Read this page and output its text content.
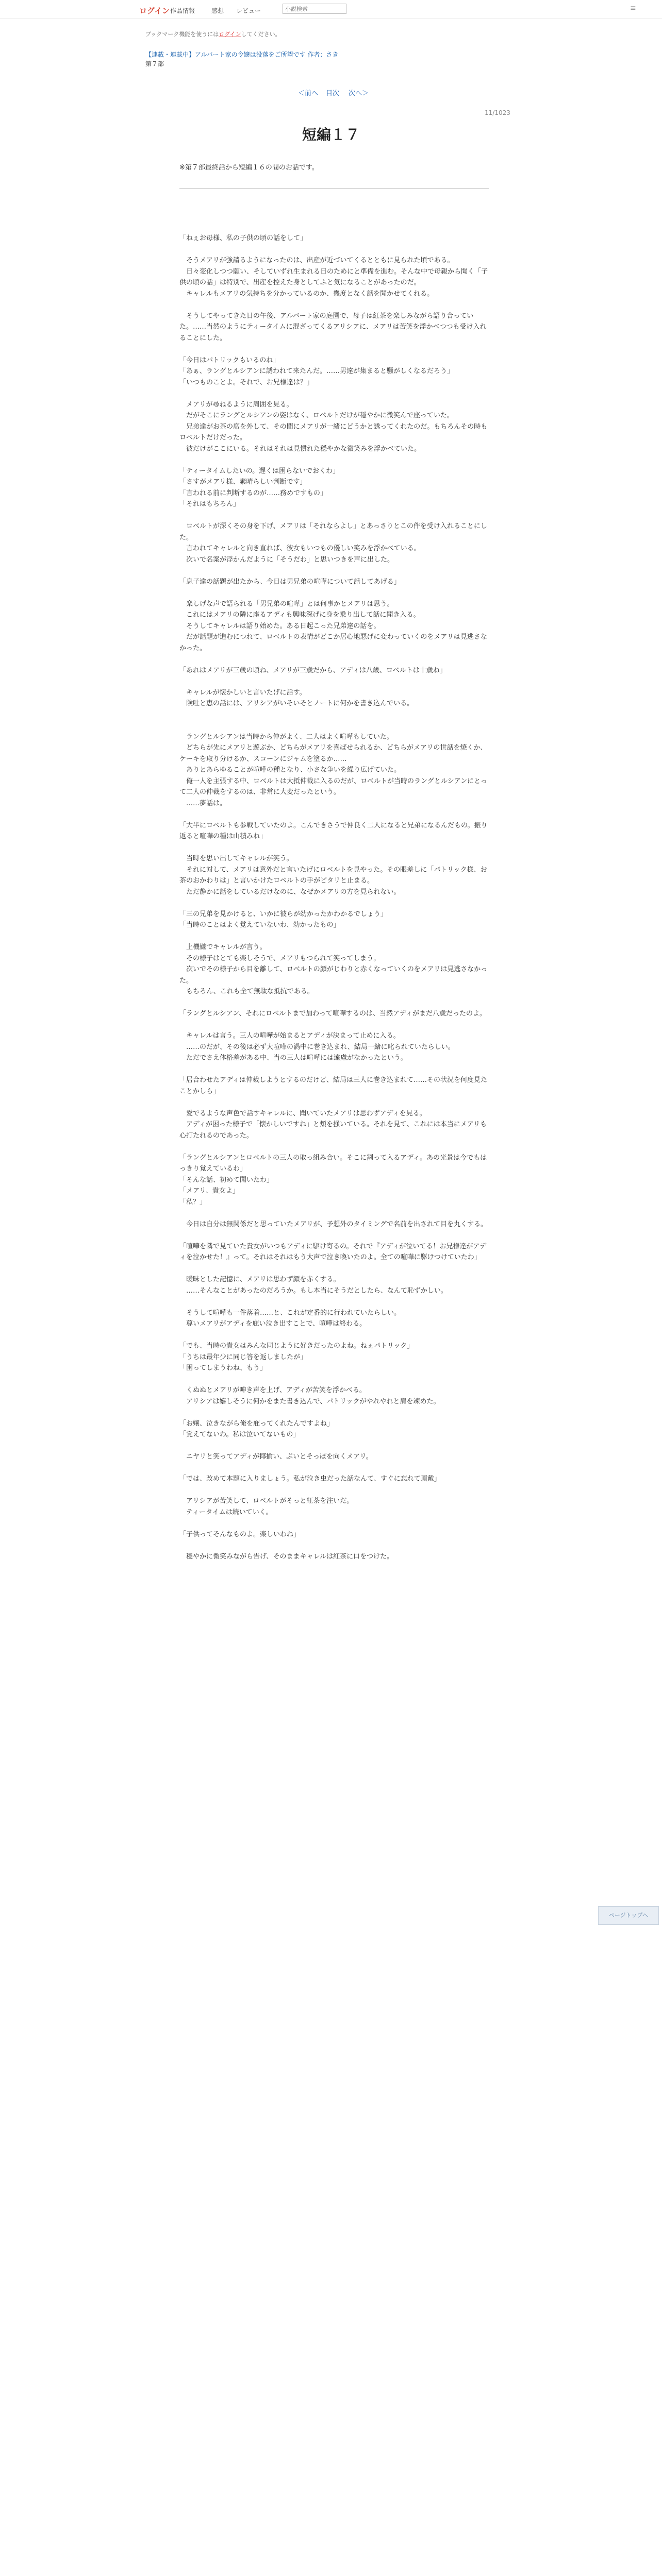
ログイン 作品情報	感想 レビュー
小説検索	≡
ブックマーク機能を使うにはログインしてください。
【連載・連載中】アルバート家の令嬢は没落をご所望です 作者：さき
第７部
＜前へ 目次 次へ＞
11/1023
短編１７
※第７部最終話から短編１６の間のお話です。

「ねぇお母様、私の子供の頃の話をして」

　そうメアリが強請るようになったのは、出産が近づいてくるとともに見られた頃である。

　日々変化しつつ願い、そしていずれ生まれる日のためにと準備を進む。そんな中で母親から聞く「子供の頃の話」は特別で、出産を控えた身としてふと気になることがあったのだ。

　キャレルもメアリの気持ちを分かっているのか、幾度となく話を聞かせてくれる。

　そうしてやってきた日の午後、アルバート家の庭園で、母子は紅茶を楽しみながら語り合っていた。……当然のようにティータイムに混ざってくるアリシアに、メアリは苦笑を浮かべつつも受け入れることにした。

「今日はパトリックもいるのね」

「あぁ、ラングとルシアンに誘われて来たんだ。……男達が集まると騒がしくなるだろう」

「いつものことよ。それで、お兄様達は？」

　メアリが尋ねるように周囲を見る。

　だがそこにラングとルシアンの姿はなく、ロベルトだけが穏やかに微笑んで座っていた。

　兄弟達がお茶の席を外して、その間にメアリが一緒にどうかと誘ってくれたのだ。もちろんその時もロベルトだけだった。

　彼だけがここにいる。それはそれは見慣れた穏やかな微笑みを浮かべていた。

「ティータイムしたいの。遅くは困らないでおくわ」

「さすがメアリ様、素晴らしい判断です」

「言われる前に判断するのが……務めですもの」

「それはもちろん」

　ロベルトが深くその身を下げ、メアリは「それならよし」とあっさりとこの件を受け入れることにした。

　言われてキャレルと向き直れば、彼女もいつもの優しい笑みを浮かべている。

　次いで名案が浮かんだように「そうだわ」と思いつきを声に出した。

「息子達の話題が出たから、今日は男兄弟の喧嘩について話してあげる」

　楽しげな声で語られる「男兄弟の喧嘩」とは何事かとメアリは思う。

　これにはメアリの隣に座るアディも興味深げに身を乗り出して話に聞き入る。

　そうしてキャレルは語り始めた。ある日起こった兄弟達の話を。

　だが話題が進むにつれて、ロベルトの表情がどこか居心地悪げに変わっていくのをメアリは見逃さなかった。

「あれはメアリが三歳の頃ね、メアリが三歳だから、アディは八歳、ロベルトは十歳ね」

　キャレルが懐かしいと言いたげに話す。

　険吐と恵の話には、アリシアがいそいそとノートに何かを書き込んでいる。

　ラングとルシアンは当時から仲がよく、二人はよく喧嘩もしていた。

　どちらが先にメアリと遊ぶか、どちらがメアリを喜ばせられるか、どちらがメアリの世話を焼くか、ケーキを取り分けるか、スコーンにジャムを塗るか……

　ありとあらゆることが喧嘩の種となり、小さな争いを繰り広げていた。

　俺一人を主張する中、ロベルトは大抵仲裁に入るのだが、ロベルトが当時のラングとルシアンにとって二人の仲裁をするのは、非常に大変だったという。

　……夢話は。

「大半にロベルトも参戦していたのよ。こんできさうで仲良く二人になると兄弟になるんだもの。振り返ると喧嘩の種は山積みね」

　当時を思い出してキャレルが笑う。

　それに対して、メアリは意外だと言いたげにロベルトを見やった。その眼差しに「パトリック様、お茶のおかわりは」と言いかけたロベルトの手がピタリと止まる。

　ただ静かに話をしているだけなのに、なぜかメアリの方を見られない。

「三の兄弟を見かけると、いかに彼らが幼かったかわかるでしょう」

「当時のことはよく覚えていないわ、幼かったもの」

　上機嫌でキャレルが言う。

　その様子はとても楽しそうで、メアリもつられて笑ってしまう。

　次いでその様子から目を離して、ロベルトの顔がじわりと赤くなっていくのをメアリは見逃さなかった。

　もちろん、これも全て無駄な抵抗である。

「ラングとルシアン、それにロベルトまで加わって喧嘩するのは、当然アディがまだ八歳だったのよ。

　キャレルは言う。三人の喧嘩が始まるとアディが決まって止めに入る。

　……のだが、その後は必ず大喧嘩の渦中に巻き込まれ、結局一緒に叱られていたらしい。

　ただでさえ体格差がある中、当の三人は喧嘩には遠慮がなかったという。

「居合わせたアディは仲裁しようとするのだけど、結局は三人に巻き込まれて……その状況を何度見たことかしら」

　愛でるような声色で話すキャレルに、聞いていたメアリは思わずアディを見る。

　アディが困った様子で「懐かしいですね」と頬を掻いている。それを見て、これには本当にメアリも心打たれるのであった。

「ラングとルシアンとロベルトの三人の取っ組み合い。そこに割って入るアディ。あの光景は今でもはっきり覚えているわ」

「そんな話、初めて聞いたわ」

「メアリ、貴女よ」

「私？」

　今日は自分は無関係だと思っていたメアリが、予想外のタイミングで名前を出されて目を丸くする。

「喧嘩を隣で見ていた貴女がいつもアディに駆け寄るの。それで『アディが泣いてる！お兄様達がアディを泣かせた！』って。それはそれはもう大声で泣き喚いたのよ。全ての喧嘩に駆けつけていたわ」

　曖昧とした記憶に、メアリは思わず顔を赤くする。

　……そんなことがあったのだろうか。もし本当にそうだとしたら、なんて恥ずかしい。

　そうして喧嘩も一件落着……と、これが定番的に行われていたらしい。

　尊いメアリがアディを庇い泣き出すことで、喧嘩は終わる。

「でも、当時の貴女はみんな同じように好きだったのよね。ねぇパトリック」

「うちは最年少に同じ答を返しましたが」

「困ってしまうわね、もう」

　くぬぬとメアリが呻き声を上げ、アディが苦笑を浮かべる。

　アリシアは嬉しそうに何かをまた書き込んで、パトリックがやれやれと肩を竦めた。

「お嬢、泣きながら俺を庇ってくれたんですよね」

「覚えてないわ。私は泣いてないもの」

　ニヤリと笑ってアディが揶揄い、ぷいとそっぽを向くメアリ。

「では、改めて本題に入りましょう。私が泣き虫だった話なんて、すぐに忘れて頂戴」

　アリシアが苦笑して、ロベルトがそっと紅茶を注いだ。

　ティータイムは続いていく。

「子供ってそんなものよ。楽しいわね」

　穏やかに微笑みながら告げ、そのままキャレルは紅茶に口をつけた。

ページトップへ
